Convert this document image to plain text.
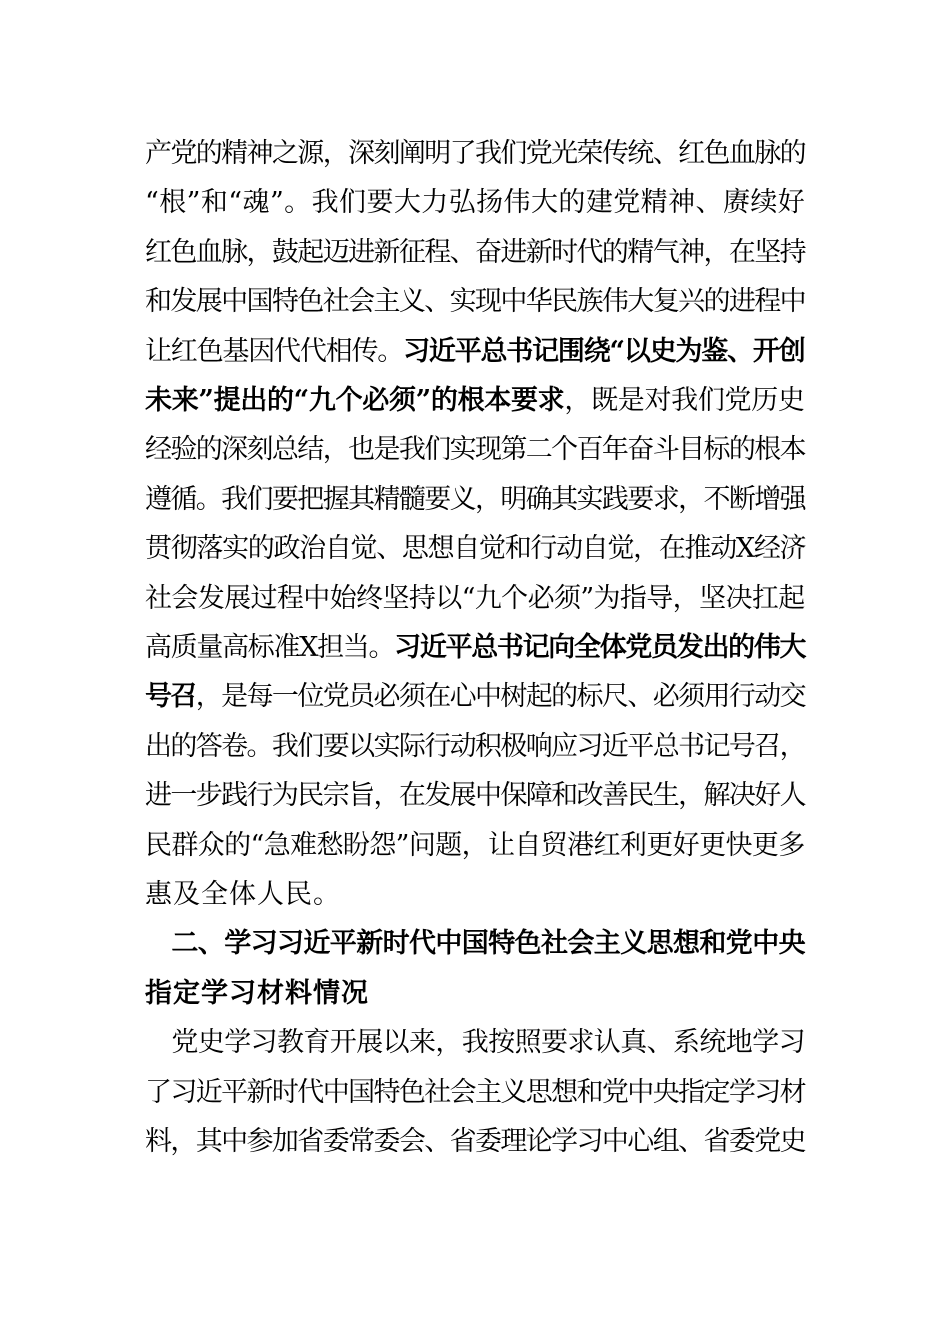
产党的精神之源，深刻阐明了我们党光荣传统、红色血脉的
“根”和“魂”。我们要大力弘扬伟大的建党精神、赓续好
红色血脉，鼓起迈进新征程、奋进新时代的精气神，在坚持
和发展中国特色社会主义、实现中华民族伟大复兴的进程中
让红色基因代代相传。习近平总书记围绕“以史为鉴、开创
未来”提出的“九个必须”的根本要求，既是对我们党历史
经验的深刻总结，也是我们实现第二个百年奋斗目标的根本
遵循。我们要把握其精髓要义，明确其实践要求，不断增强
贯彻落实的政治自觉、思想自觉和行动自觉，在推动X经济
社会发展过程中始终坚持以“九个必须”为指导，坚决扛起
高质量高标准X担当。习近平总书记向全体党员发出的伟大
号召，是每一位党员必须在心中树起的标尺、必须用行动交
出的答卷。我们要以实际行动积极响应习近平总书记号召，
进一步践行为民宗旨，在发展中保障和改善民生，解决好人
民群众的“急难愁盼怨”问题，让自贸港红利更好更快更多
惠及全体人民。
　二、学习习近平新时代中国特色社会主义思想和党中央
指定学习材料情况
　党史学习教育开展以来，我按照要求认真、系统地学习
了习近平新时代中国特色社会主义思想和党中央指定学习材
料，其中参加省委常委会、省委理论学习中心组、省委党史
